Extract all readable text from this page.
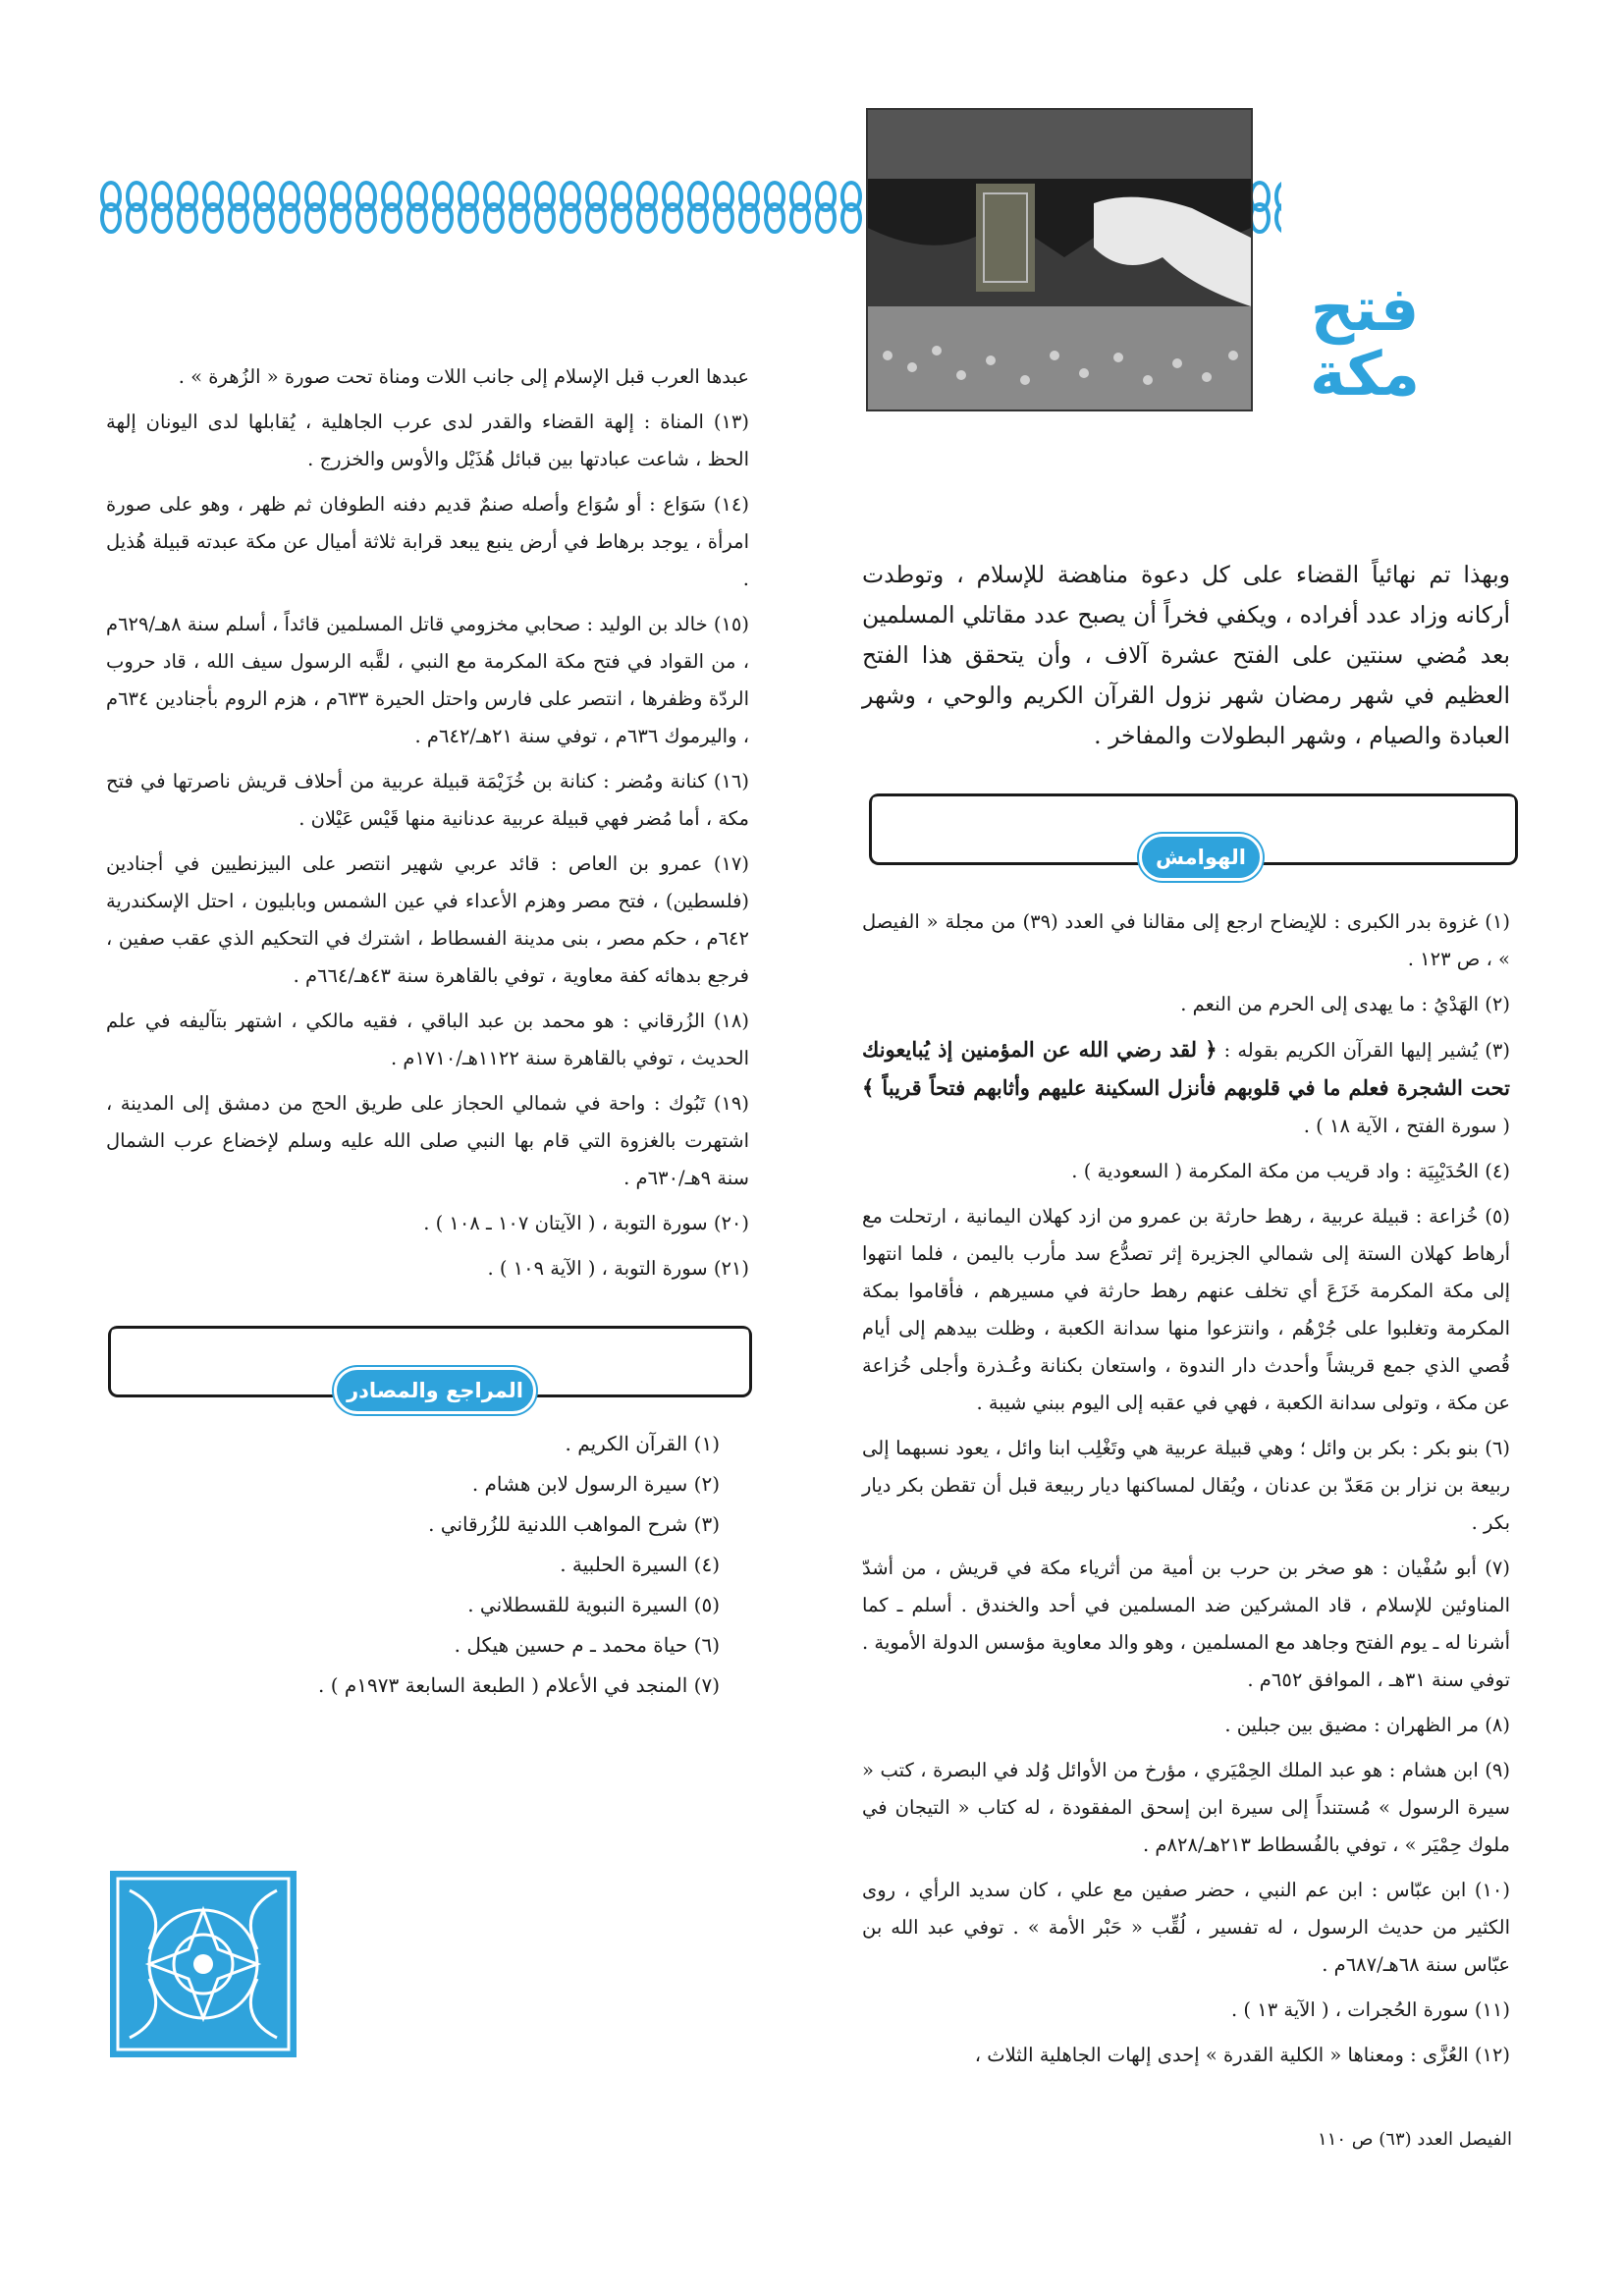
فتح
مكة
وبهذا تم نهائياً القضاء على كل دعوة مناهضة للإسلام ، وتوطدت أركانه وزاد عدد أفراده ، ويكفي فخراً أن يصبح عدد مقاتلي المسلمين بعد مُضي سنتين على الفتح عشرة آلاف ، وأن يتحقق هذا الفتح العظيم في شهر رمضان شهر نزول القرآن الكريم والوحي ، وشهر العبادة والصيام ، وشهر البطولات والمفاخر .
الهوامش

(١) غزوة بدر الكبرى : للإيضاح ارجع إلى مقالنا في العدد (٣٩) من مجلة « الفيصل » ، ص ١٢٣ .

(٢) الهَدْيُ : ما يهدى إلى الحرم من النعم .

(٣) يُشير إليها القرآن الكريم بقوله : ﴿ لقد رضي الله عن المؤمنين إذ يُبايعونك تحت الشجرة فعلم ما في قلوبهم فأنزل السكينة عليهم وأثابهم فتحاً قريباً ﴾ ( سورة الفتح ، الآية ١٨ ) .

(٤) الحُدَيْبِيَة : واد قريب من مكة المكرمة ( السعودية ) .

(٥) خُزاعة : قبيلة عربية ، رهط حارثة بن عمرو من ازد كهلان اليمانية ، ارتحلت مع أرهاط كهلان الستة إلى شمالي الجزيرة إثر تصدُّع سد مأرب باليمن ، فلما انتهوا إلى مكة المكرمة خَزَعَ أي تخلف عنهم رهط حارثة في مسيرهم ، فأقاموا بمكة المكرمة وتغلبوا على جُرْهُم ، وانتزعوا منها سدانة الكعبة ، وظلت بيدهم إلى أيام قُصي الذي جمع قريشاً وأحدث دار الندوة ، واستعان بكنانة وعُـذرة وأجلى خُزاعة عن مكة ، وتولى سدانة الكعبة ، فهي في عقبه إلى اليوم ببني شيبة .

(٦) بنو بكر : بكر بن وائل ؛ وهي قبيلة عربية هي وتَغْلِب ابنا وائل ، يعود نسبهما إلى ربيعة بن نزار بن مَعَدّ بن عدنان ، ويُقال لمساكنها ديار ربيعة قبل أن تقطن بكر ديار بكر .

(٧) أبو سُفْيان : هو صخر بن حرب بن أمية من أثرياء مكة في قريش ، من أشدّ المناوئين للإسلام ، قاد المشركين ضد المسلمين في أحد والخندق . أسلم ـ كما أشرنا له ـ يوم الفتح وجاهد مع المسلمين ، وهو والد معاوية مؤسس الدولة الأموية . توفي سنة ٣١هـ ، الموافق ٦٥٢م .

(٨) مر الظهران : مضيق بين جبلين .

(٩) ابن هشام : هو عبد الملك الحِمْيَري ، مؤرخ من الأوائل وُلد في البصرة ، كتب « سيرة الرسول » مُستنداً إلى سيرة ابن إسحق المفقودة ، له كتاب « التيجان في ملوك حِمْيَر » ، توفي بالفُسطاط ٢١٣هـ/٨٢٨م .

(١٠) ابن عبّاس : ابن عم النبي ، حضر صفين مع علي ، كان سديد الرأي ، روى الكثير من حديث الرسول ، له تفسير ، لُقِّب « حَبْر الأمة » . توفي عبد الله بن عبّاس سنة ٦٨هـ/٦٨٧م .

(١١) سورة الحُجرات ، ( الآية ١٣ ) .

(١٢) العُزَّى : ومعناها « الكلية القدرة » إحدى إلهات الجاهلية الثلاث ،

عبدها العرب قبل الإسلام إلى جانب اللات ومناة تحت صورة « الزُهرة » .

(١٣) المناة : إلهة القضاء والقدر لدى عرب الجاهلية ، يُقابلها لدى اليونان إلهة الحظ ، شاعت عبادتها بين قبائل هُذَيْل والأوس والخزرج .

(١٤) سَوَاع : أو سُوَاع وأصله صنمٌ قديم دفنه الطوفان ثم ظهر ، وهو على صورة امرأة ، يوجد برهاط في أرض ينبع يبعد قرابة ثلاثة أميال عن مكة عبدته قبيلة هُذيل .

(١٥) خالد بن الوليد : صحابي مخزومي قاتل المسلمين قائداً ، أسلم سنة ٨هـ/٦٢٩م ، من القواد في فتح مكة المكرمة مع النبي ، لقَّبه الرسول سيف الله ، قاد حروب الردّة وظفرها ، انتصر على فارس واحتل الحيرة ٦٣٣م ، هزم الروم بأجنادين ٦٣٤م ، واليرموك ٦٣٦م ، توفي سنة ٢١هـ/٦٤٢م .

(١٦) كنانة ومُضر : كنانة بن خُزَيْمَة قبيلة عربية من أحلاف قريش ناصرتها في فتح مكة ، أما مُضر فهي قبيلة عربية عدنانية منها قَيْس عَيْلان .

(١٧) عمرو بن العاص : قائد عربي شهير انتصر على البيزنطيين في أجنادين (فلسطين) ، فتح مصر وهزم الأعداء في عين الشمس وبابليون ، احتل الإسكندرية ٦٤٢م ، حكم مصر ، بنى مدينة الفسطاط ، اشترك في التحكيم الذي عقب صفين ، فرجع بدهائه كفة معاوية ، توفي بالقاهرة سنة ٤٣هـ/٦٦٤م .

(١٨) الزُرقاني : هو محمد بن عبد الباقي ، فقيه مالكي ، اشتهر بتآليفه في علم الحديث ، توفي بالقاهرة سنة ١١٢٢هـ/١٧١٠م .

(١٩) تَبُوك : واحة في شمالي الحجاز على طريق الحج من دمشق إلى المدينة ، اشتهرت بالغزوة التي قام بها النبي صلى الله عليه وسلم لإخضاع عرب الشمال سنة ٩هـ/٦٣٠م .

(٢٠) سورة التوبة ، ( الآيتان ١٠٧ ـ ١٠٨ ) .

(٢١) سورة التوبة ، ( الآية ١٠٩ ) .

المراجع والمصادر
(١) القرآن الكريم .
(٢) سيرة الرسول لابن هشام .
(٣) شرح المواهب اللدنية للزُرقاني .
(٤) السيرة الحلبية .
(٥) السيرة النبوية للقسطلاني .
(٦) حياة محمد ـ م حسين هيكل .
(٧) المنجد في الأعلام ( الطبعة السابعة ١٩٧٣م ) .
الفيصل العدد (٦٣) ص ١١٠
